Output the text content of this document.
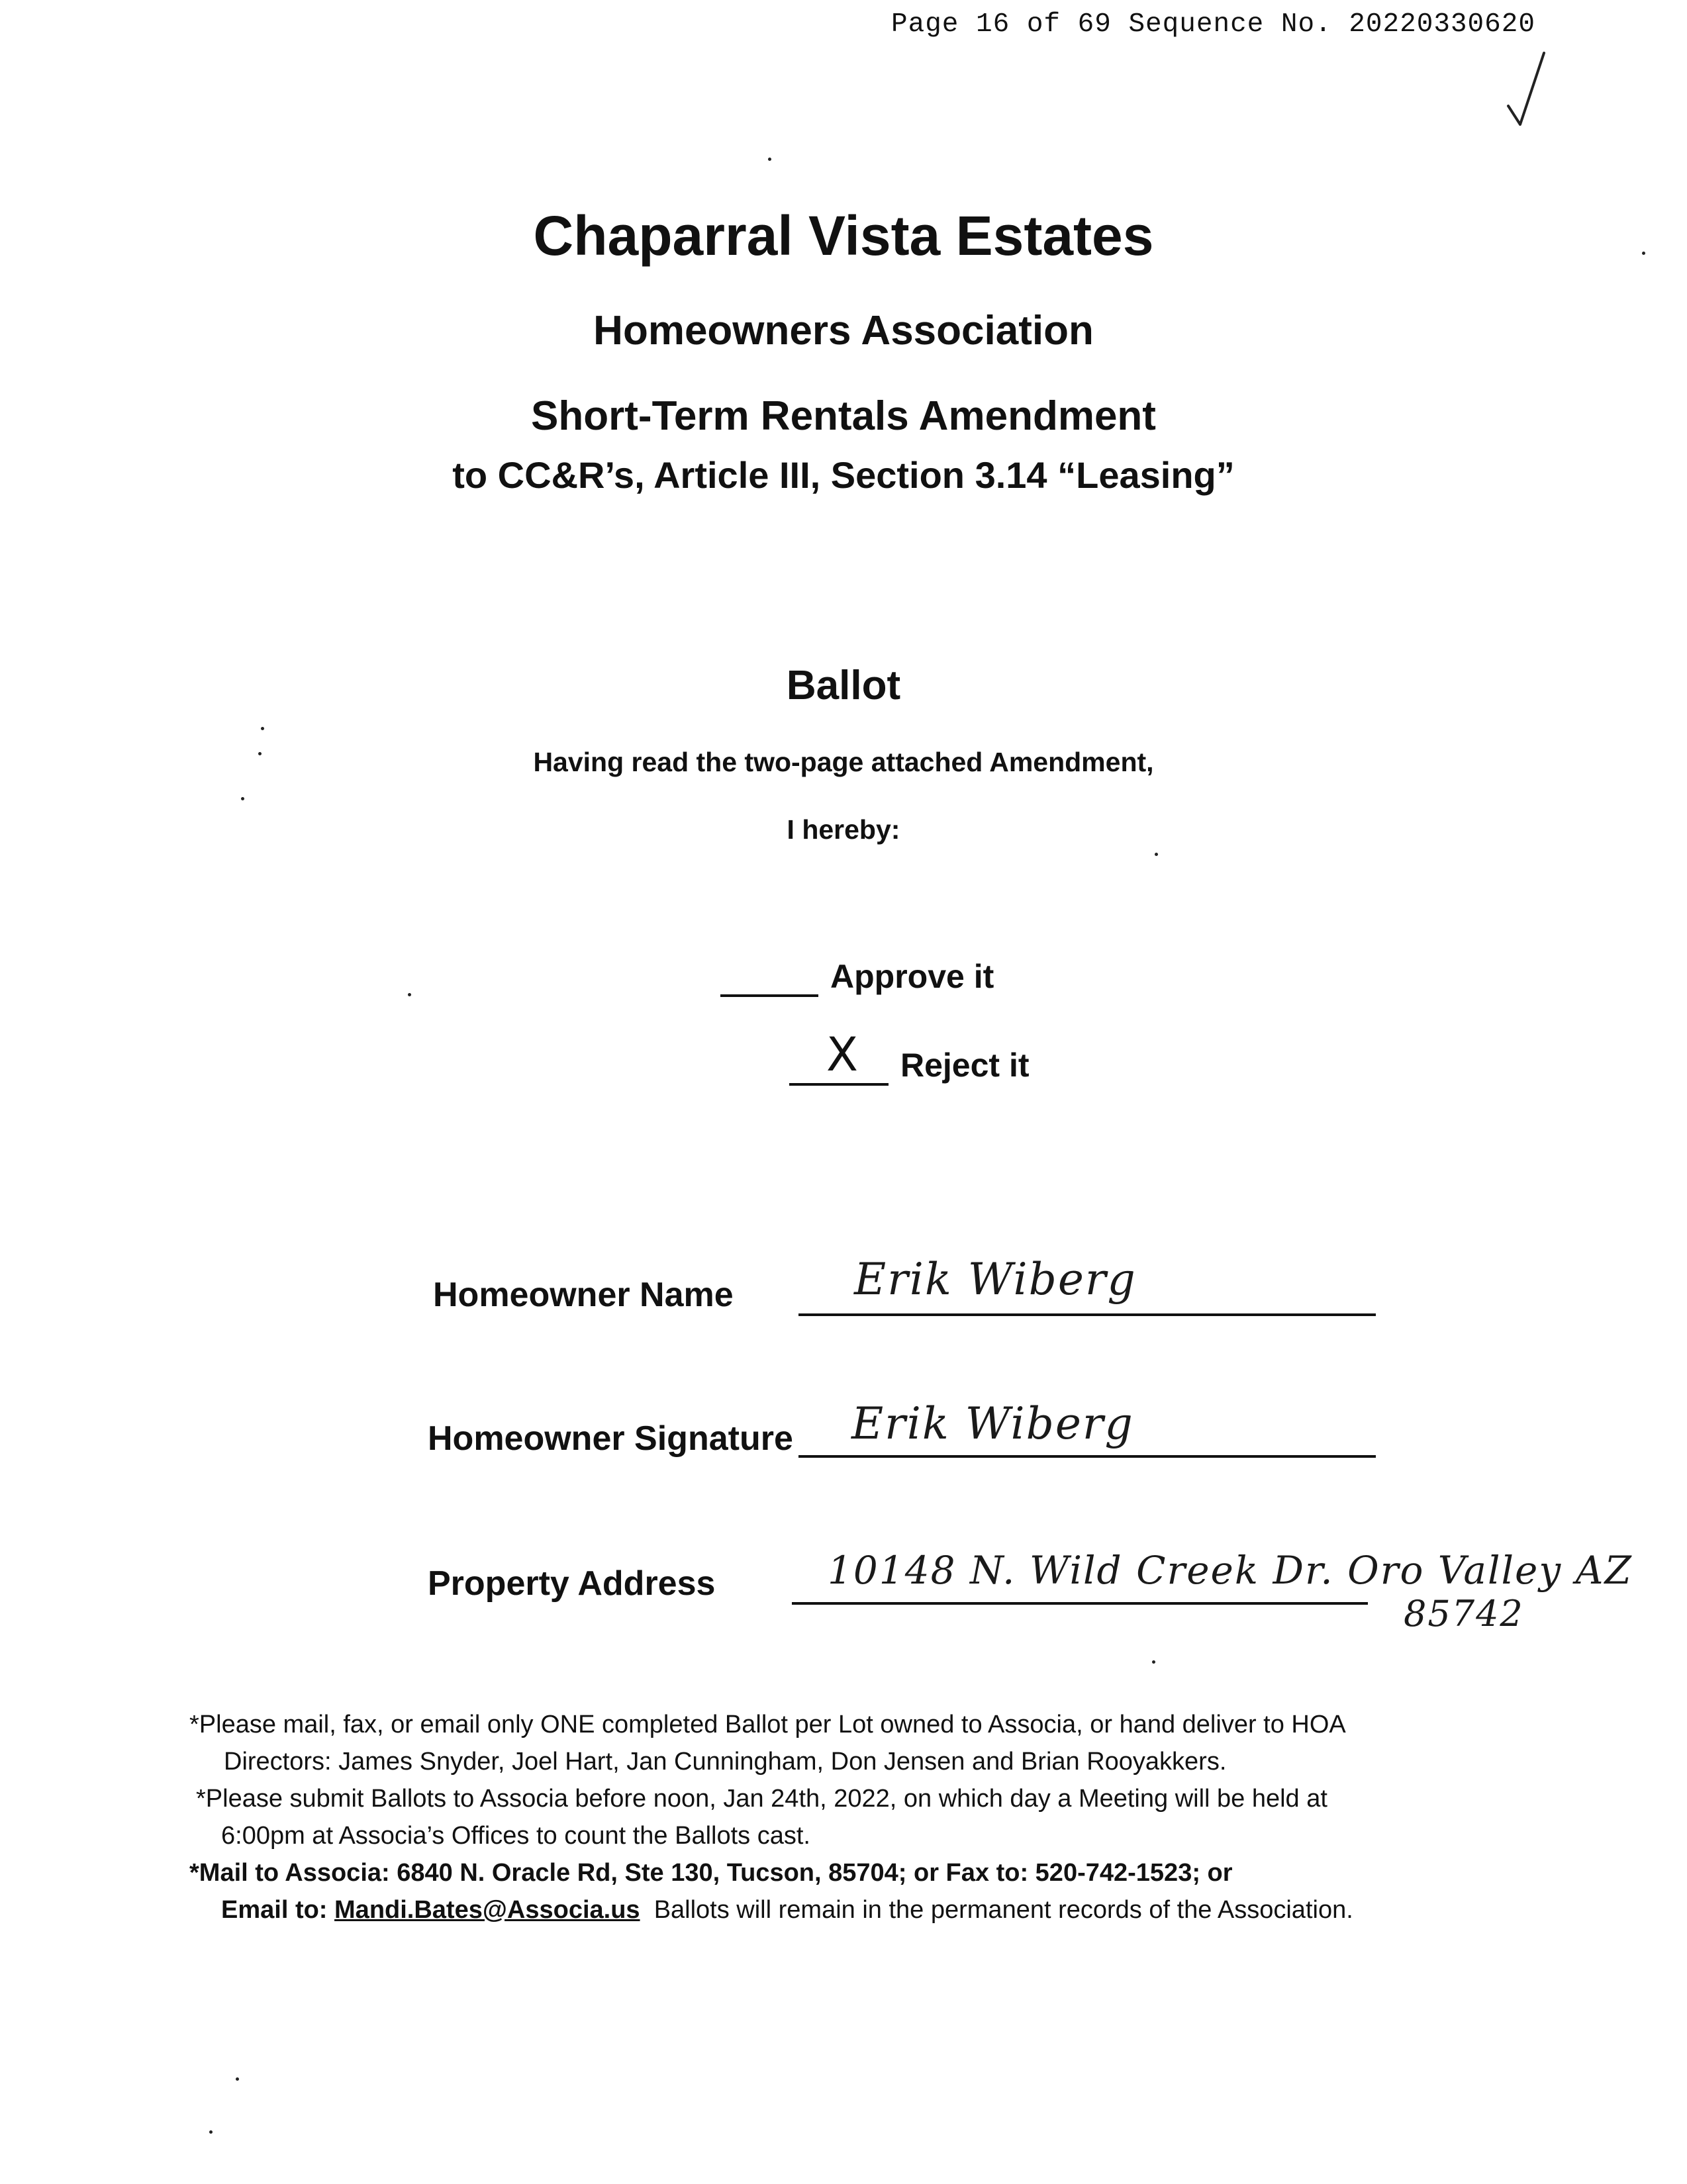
Page 16 of 69 Sequence No. 20220330620
Chaparral Vista Estates
Homeowners Association
Short-Term Rentals Amendment
to CC&R’s, Article III, Section 3.14 “Leasing”
Ballot
Having read the two-page attached Amendment,
I hereby:
Approve it
X Reject it
Homeowner Name	Erik Wiberg
Homeowner Signature Erik Wiberg
Property Address	10148 N. Wild Creek Dr. Oro Valley AZ
85742
*Please mail, fax, or email only ONE completed Ballot per Lot owned to Associa, or hand deliver to HOA
Directors: James Snyder, Joel Hart, Jan Cunningham, Don Jensen and Brian Rooyakkers.
*Please submit Ballots to Associa before noon, Jan 24th, 2022, on which day a Meeting will be held at
6:00pm at Associa’s Offices to count the Ballots cast.
*Mail to Associa: 6840 N. Oracle Rd, Ste 130, Tucson, 85704; or Fax to: 520-742-1523; or
Email to: Mandi.Bates@Associa.us Ballots will remain in the permanent records of the Association.
